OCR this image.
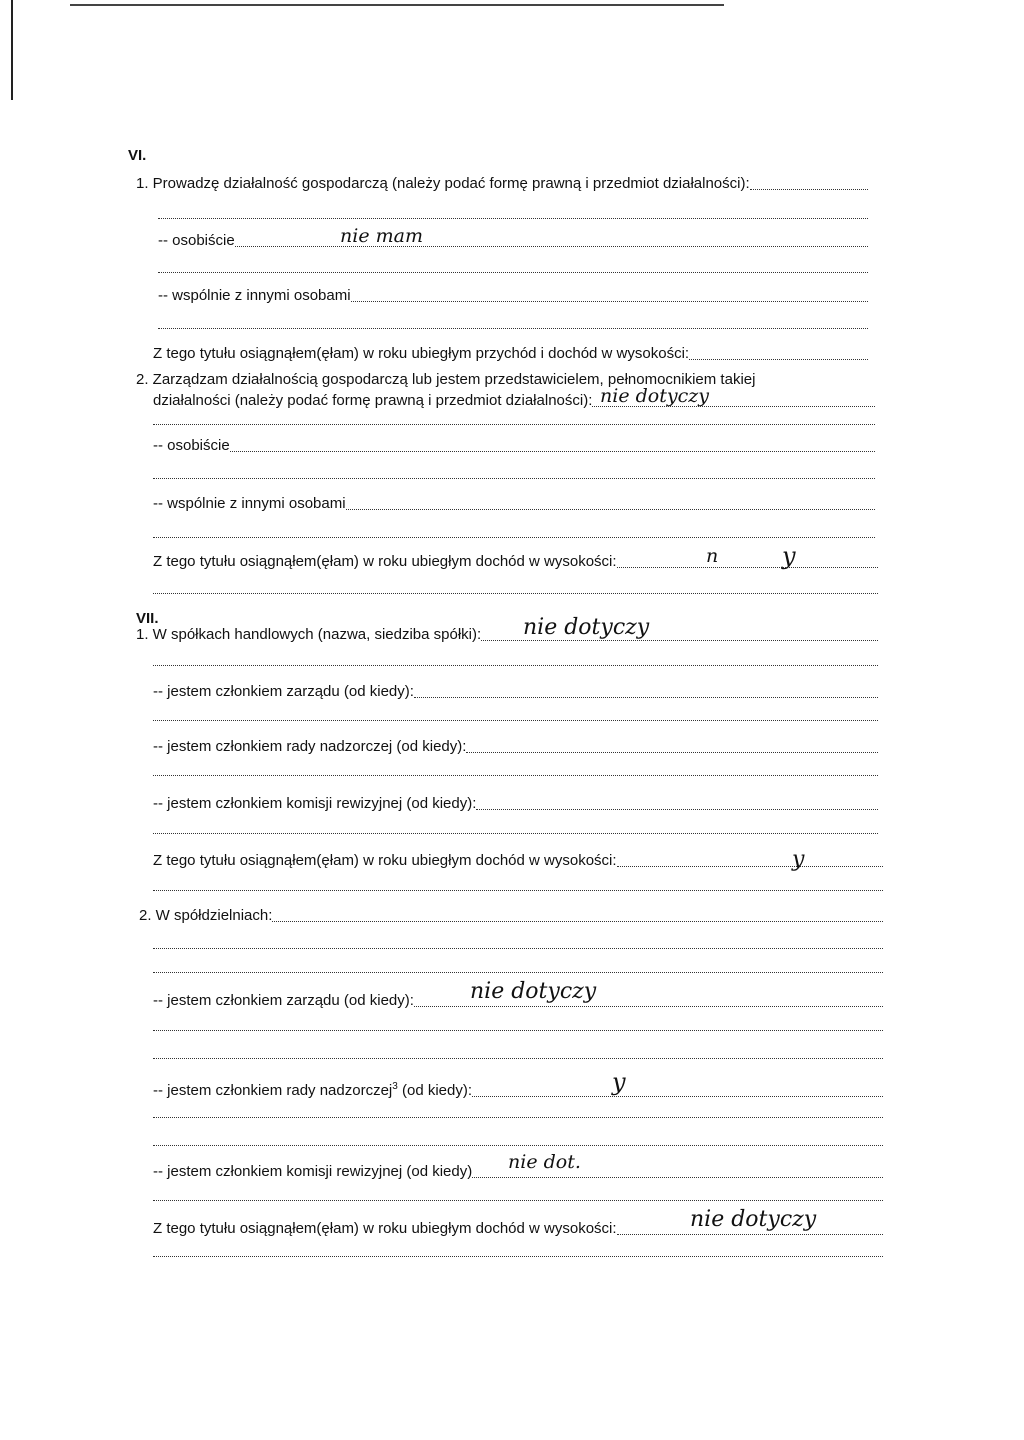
VI.
1. Prowadzę działalność gospodarczą (należy podać formę prawną i przedmiot działalności):
-- osobiście	nie mam
-- wspólnie z innymi osobami
Z tego tytułu osiągnąłem(ęłam) w roku ubiegłym przychód i dochód w wysokości:
2. Zarządzam działalnością gospodarczą lub jestem przedstawicielem, pełnomocnikiem takiej
działalności (należy podać formę prawną i przedmiot działalności): nie dotyczy
-- osobiście
-- wspólnie z innymi osobami
Z tego tytułu osiągnąłem(ęłam) w roku ubiegłym dochód w wysokości:	n	y
VII.
1. W spółkach handlowych (nazwa, siedziba spółki): nie dotyczy
-- jestem członkiem zarządu (od kiedy):
-- jestem członkiem rady nadzorczej (od kiedy):
-- jestem członkiem komisji rewizyjnej (od kiedy):
Z tego tytułu osiągnąłem(ęłam) w roku ubiegłym dochód w wysokości:	y
2. W spółdzielniach:
-- jestem członkiem zarządu (od kiedy):	nie dotyczy
-- jestem członkiem rady nadzorczej$^3$ (od kiedy):	y
-- jestem członkiem komisji rewizyjnej (od kiedy) nie dot.
Z tego tytułu osiągnąłem(ęłam) w roku ubiegłym dochód w wysokości:	nie dotyczy
